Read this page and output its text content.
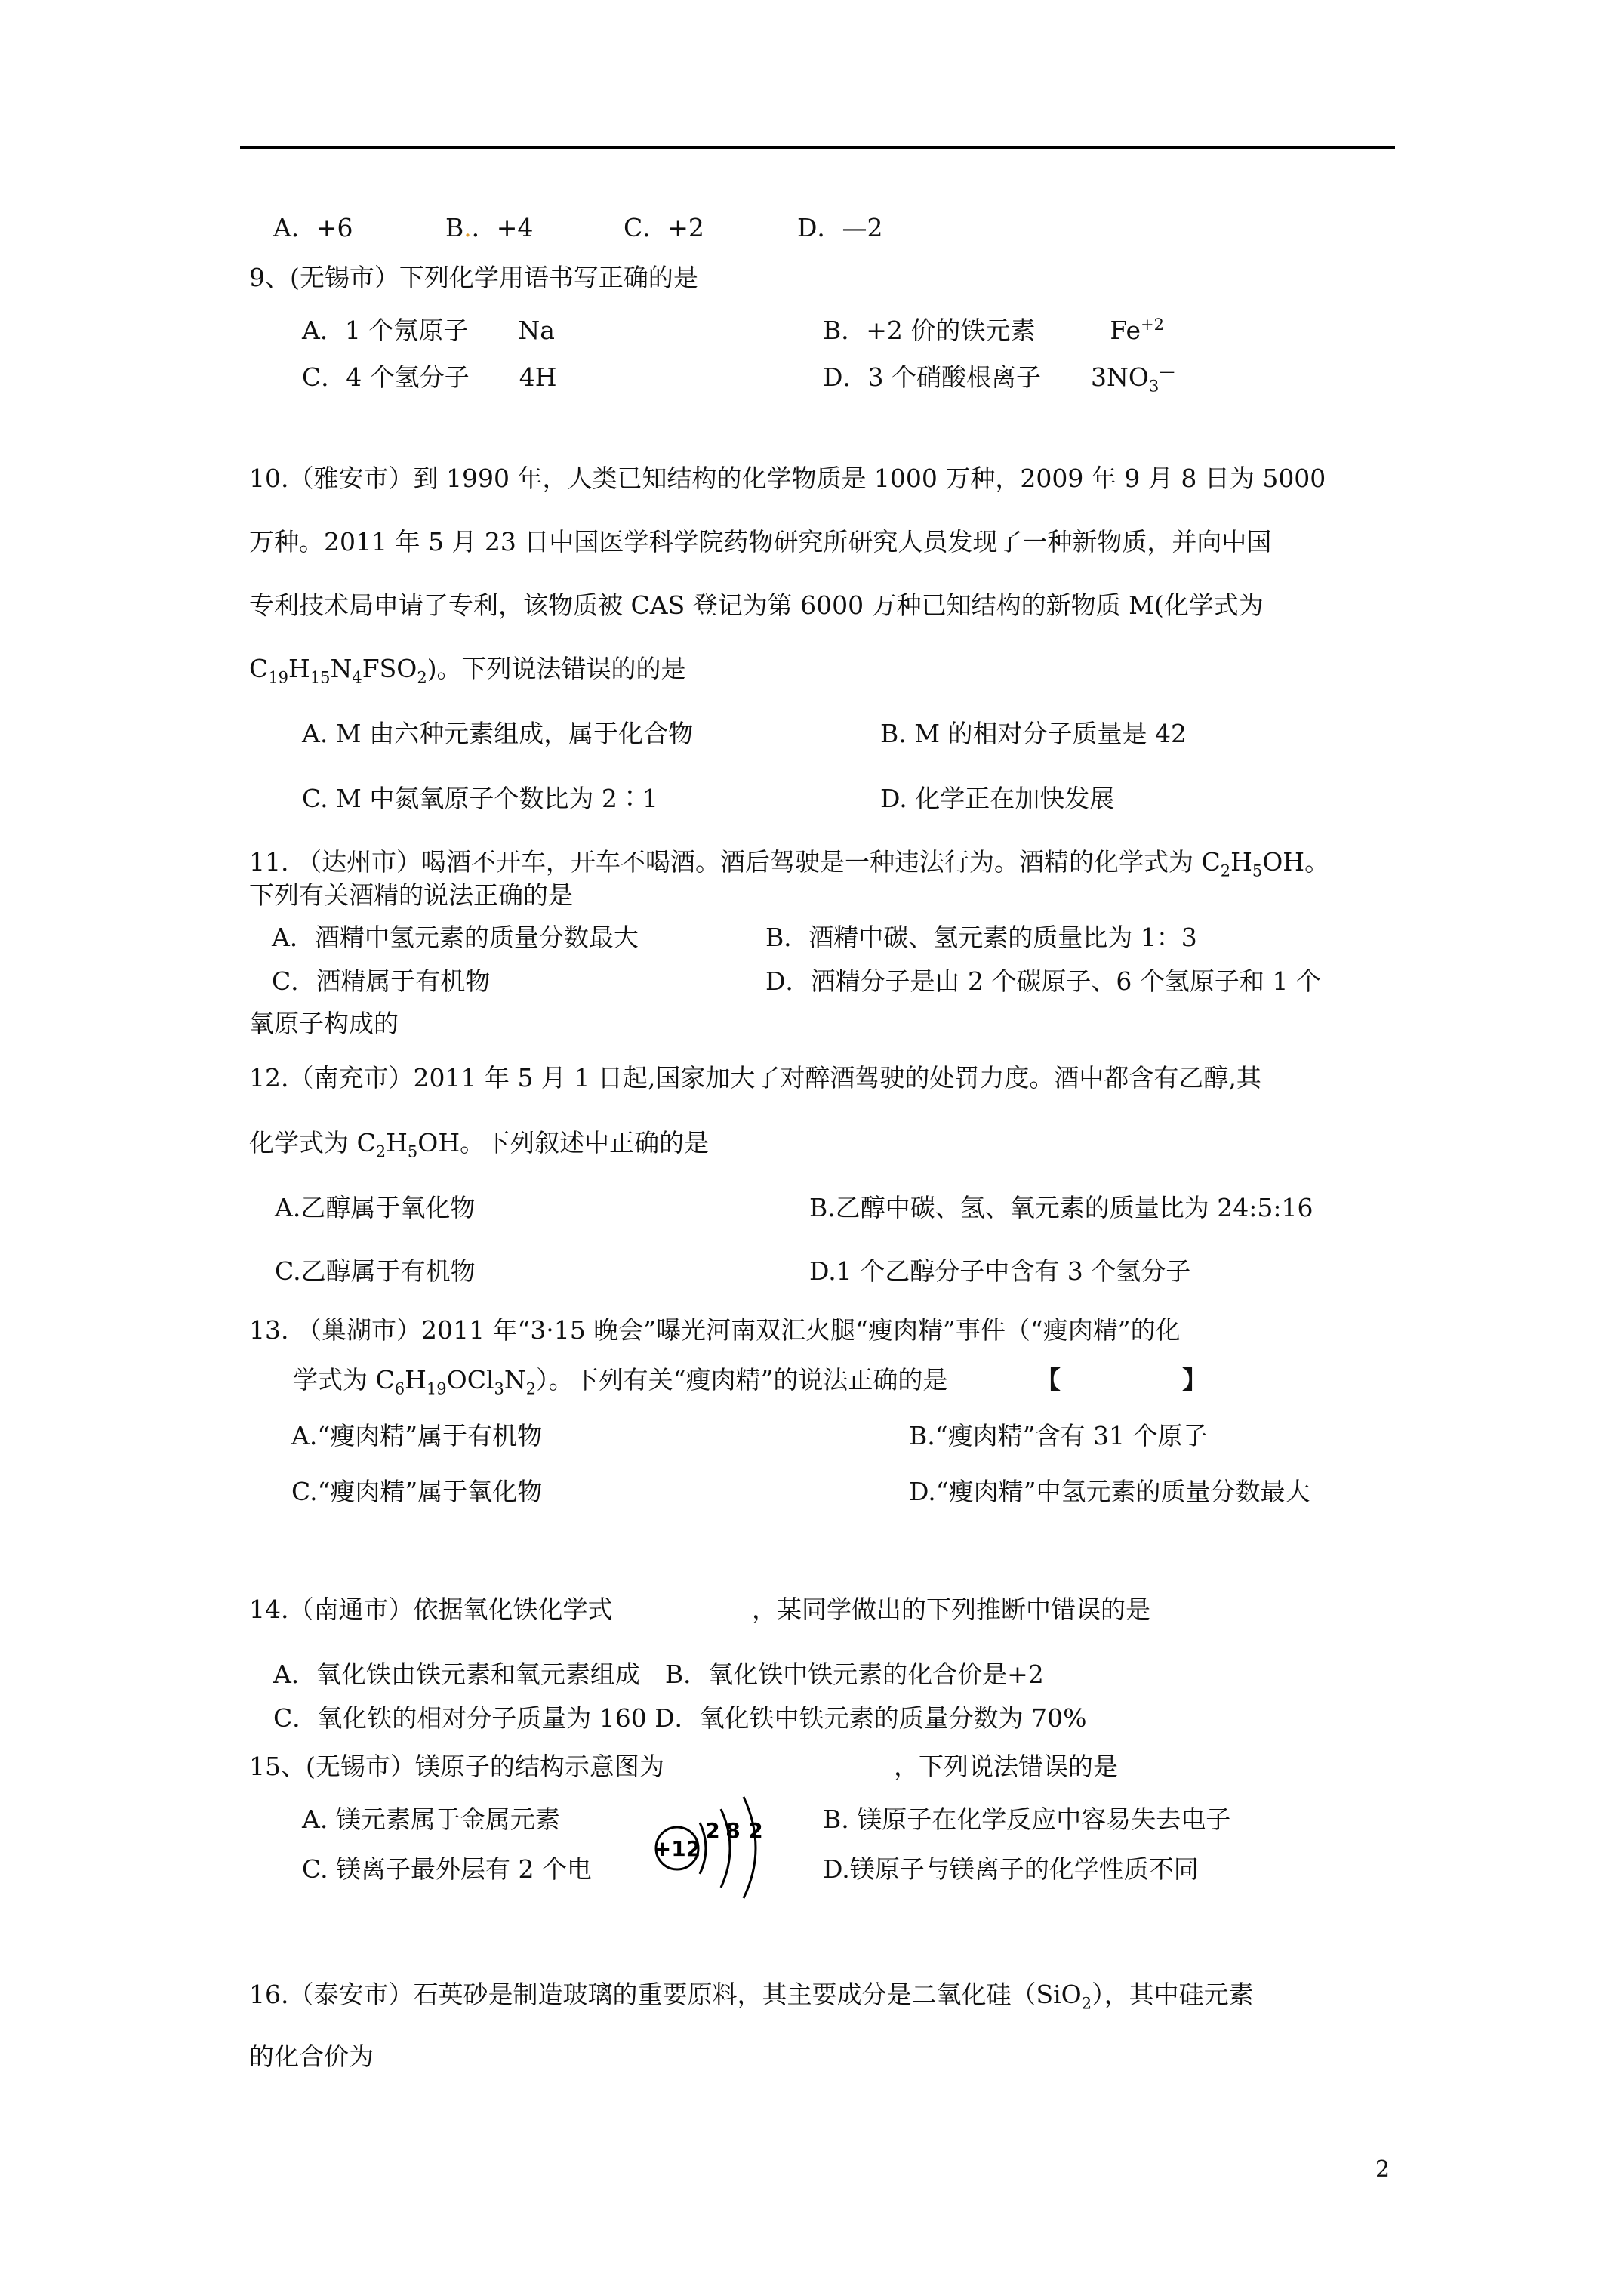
A．+6	B.．+4	C．+2	D．—2
9、(无锡市）下列化学用语书写正确的是
A．1 个氖原子　　Na	B．+2 价的铁元素　　　$Fe^{+2}$
C．4 个氢分子　　4H	D．3 个硝酸根离子　　$3NO_3^—$
10.（雅安市）到 1990 年，人类已知结构的化学物质是 1000 万种，2009 年 9 月 8 日为 5000
万种。2011 年 5 月 23 日中国医学科学院药物研究所研究人员发现了一种新物质，并向中国
专利技术局申请了专利，该物质被 CAS 登记为第 6000 万种已知结构的新物质 M(化学式为
$C_{19}H_{15}N_4FSO_2$)。下列说法错误的的是
A. M 由六种元素组成，属于化合物	B. M 的相对分子质量是 42
C. M 中氮氧原子个数比为 2∶1	D. 化学正在加快发展
11. （达州市）喝酒不开车，开车不喝酒。酒后驾驶是一种违法行为。酒精的化学式为 $C_2H_5OH$。
下列有关酒精的说法正确的是
A．酒精中氢元素的质量分数最大	B．酒精中碳、氢元素的质量比为 1：3
C．酒精属于有机物	D．酒精分子是由 2 个碳原子、6 个氢原子和 1 个
氧原子构成的
12.（南充市）2011 年 5 月 1 日起,国家加大了对醉酒驾驶的处罚力度。酒中都含有乙醇,其
化学式为 $C_2H_5OH$。下列叙述中正确的是
A.乙醇属于氧化物	B.乙醇中碳、氢、氧元素的质量比为 24:5:16
C.乙醇属于有机物	D.1 个乙醇分子中含有 3 个氢分子
13. （巢湖市）2011 年“3·15 晚会”曝光河南双汇火腿“瘦肉精”事件（“瘦肉精”的化
学式为 $C_6H_{19}OCl_3N_2$）。下列有关“瘦肉精”的说法正确的是	【	】
A.“瘦肉精”属于有机物	B.“瘦肉精”含有 31 个原子
C.“瘦肉精”属于氧化物	D.“瘦肉精”中氢元素的质量分数最大
14.（南通市）依据氧化铁化学式	，某同学做出的下列推断中错误的是
A．氧化铁由铁元素和氧元素组成　B．氧化铁中铁元素的化合价是+2
C．氧化铁的相对分子质量为 160 D．氧化铁中铁元素的质量分数为 70%
15、(无锡市）镁原子的结构示意图为	，下列说法错误的是
A. 镁元素属于金属元素	B. 镁原子在化学反应中容易失去电子
C. 镁离子最外层有 2 个电	D.镁原子与镁离子的化学性质不同
+12
2 8 2
16.（泰安市）石英砂是制造玻璃的重要原料，其主要成分是二氧化硅（SiO$_2$），其中硅元素
的化合价为
2
